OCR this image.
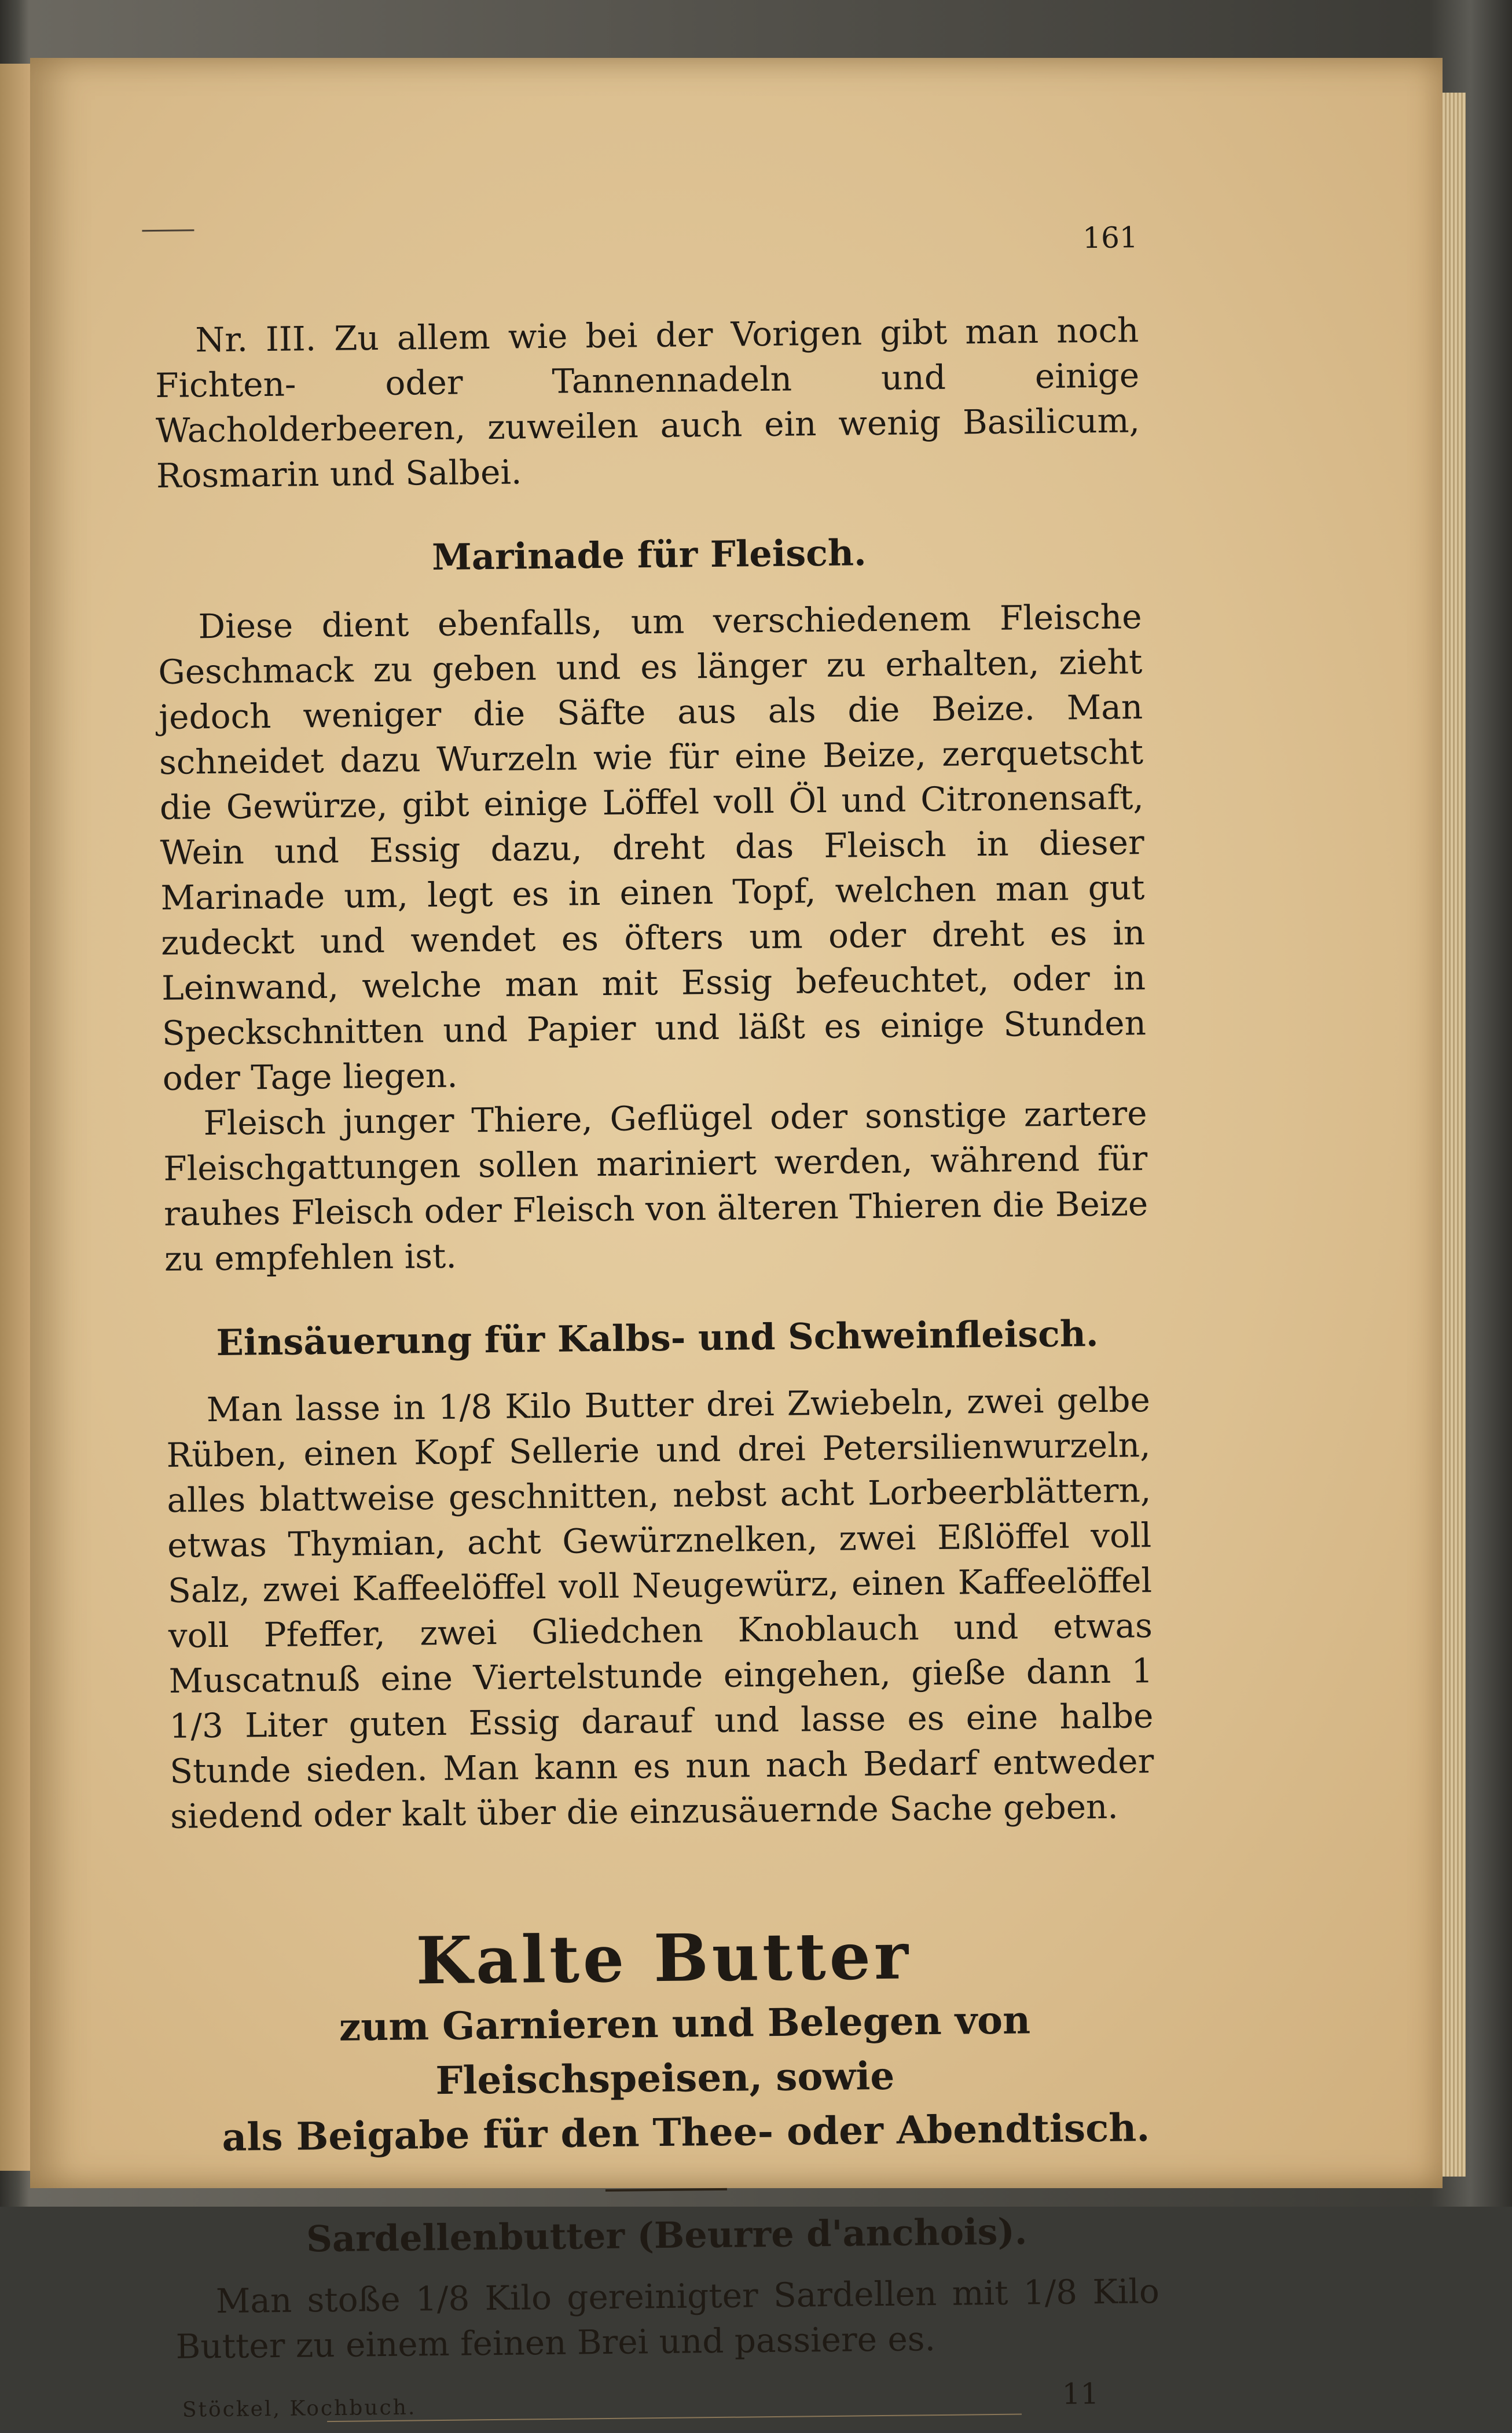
161

Nr. III. Zu allem wie bei der Vorigen gibt man noch Fichten- oder Tannennadeln und einige Wacholderbeeren, zuweilen auch ein wenig Basilicum, Rosmarin und Salbei.

Marinade für Fleisch.

Diese dient ebenfalls, um verschiedenem Fleische Geschmack zu geben und es länger zu erhalten, zieht jedoch weniger die Säfte aus als die Beize. Man schneidet dazu Wurzeln wie für eine Beize, zerquetscht die Gewürze, gibt einige Löffel voll Öl und Citronensaft, Wein und Essig dazu, dreht das Fleisch in dieser Marinade um, legt es in einen Topf, welchen man gut zudeckt und wendet es öfters um oder dreht es in Leinwand, welche man mit Essig befeuchtet, oder in Speckschnitten und Papier und läßt es einige Stunden oder Tage liegen.

Fleisch junger Thiere, Geflügel oder sonstige zartere Fleischgattungen sollen mariniert werden, während für rauhes Fleisch oder Fleisch von älteren Thieren die Beize zu empfehlen ist.

Einsäuerung für Kalbs- und Schweinfleisch.

Man lasse in 1/8 Kilo Butter drei Zwiebeln, zwei gelbe Rüben, einen Kopf Sellerie und drei Petersilienwurzeln, alles blattweise geschnitten, nebst acht Lorbeerblättern, etwas Thymian, acht Gewürznelken, zwei Eßlöffel voll Salz, zwei Kaffeelöffel voll Neugewürz, einen Kaffeelöffel voll Pfeffer, zwei Gliedchen Knoblauch und etwas Muscatnuß eine Viertelstunde eingehen, gieße dann 1 1/3 Liter guten Essig darauf und lasse es eine halbe Stunde sieden. Man kann es nun nach Bedarf entweder siedend oder kalt über die einzusäuernde Sache geben.

Kalte Butter

zum Garnieren und Belegen von Fleischspeisen, sowie

als Beigabe für den Thee- oder Abendtisch.

Sardellenbutter (Beurre d'anchois).

Man stoße 1/8 Kilo gereinigter Sardellen mit 1/8 Kilo Butter zu einem feinen Brei und passiere es.

Stöckel, Kochbuch.	11
